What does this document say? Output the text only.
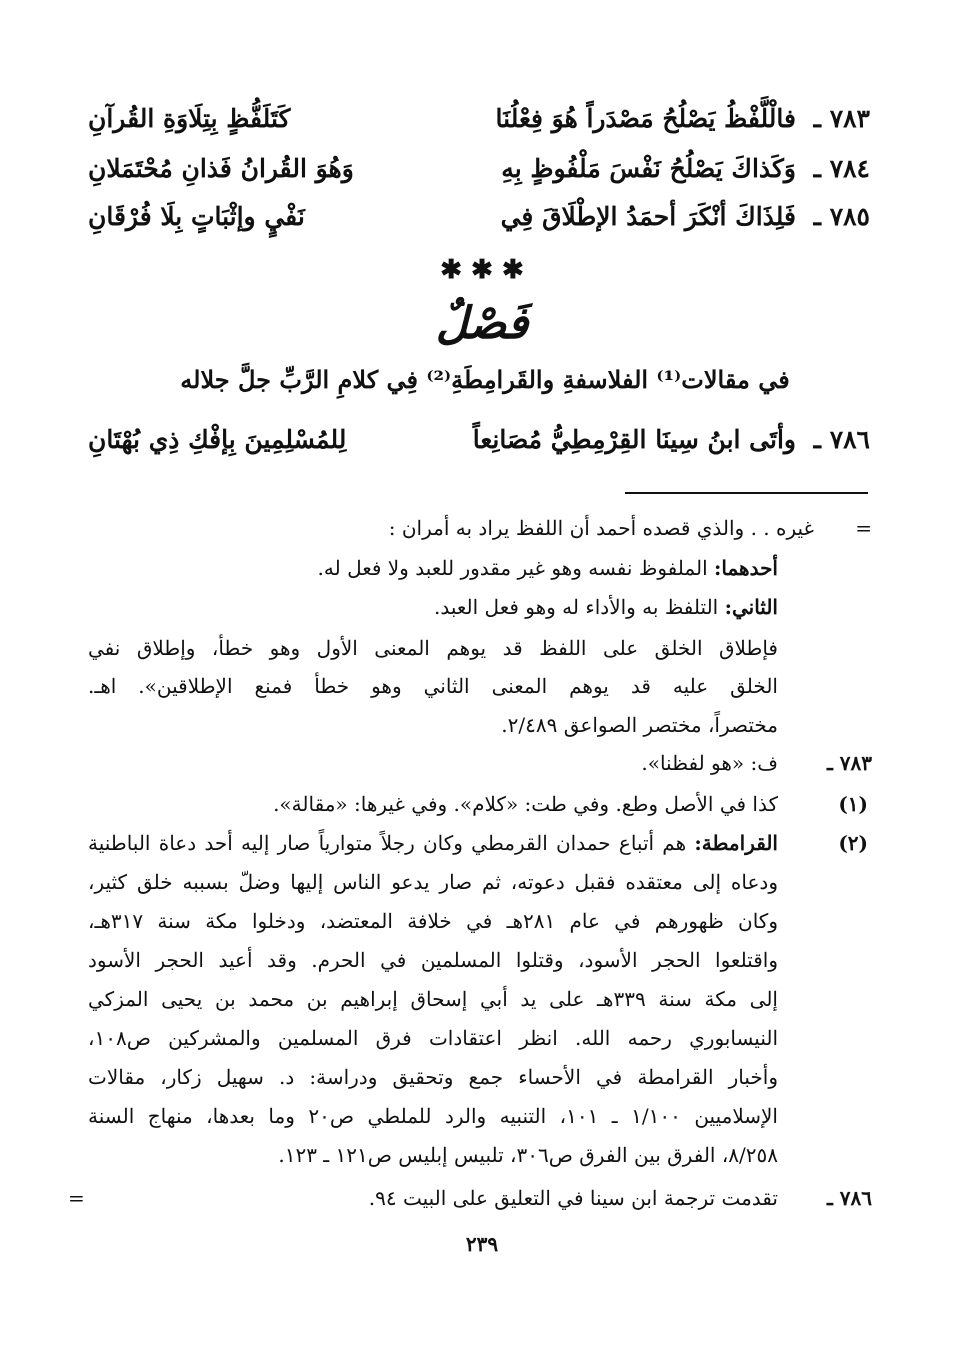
٧٨٣ ـ
فالْلَّفْظُ يَصْلُحُ مَصْدَراً هُوَ فِعْلُنَا
كَتَلَفُّظٍ بِتِلَاوَةِ القُرآنِ
٧٨٤ ـ
وَكَذاكَ يَصْلُحُ نَفْسَ مَلْفُوظٍ بِهِ
وَهُوَ القُرانُ فَذانِ مُحْتَمَلانِ
٧٨٥ ـ
فَلِذَاكَ أنْكَرَ أحمَدُ الإطْلَاقَ فِي
نَفْيٍ وإثْبَاتٍ بِلَا فُرْقَانِ
✱ ✱ ✱
فَصْلٌ
في مقالات⁽¹⁾ الفلاسفةِ والقَرامِطَةِ⁽²⁾ فِي كلامِ الرَّبِّ جلَّ جلاله
٧٨٦ ـ
وأتَى ابنُ سِينَا القِرْمِطِيُّ مُصَانِعاً
لِلمُسْلِمِينَ بِإفْكِ ذِي بُهْتَانِ
=
غيره . . والذي قصده أحمد أن اللفظ يراد به أمران :
أحدهما: الملفوظ نفسه وهو غير مقدور للعبد ولا فعل له.
الثاني: التلفظ به والأداء له وهو فعل العبد.
فإطلاق الخلق على اللفظ قد يوهم المعنى الأول وهو خطأ، وإطلاق نفي
الخلق عليه قد يوهم المعنى الثاني وهو خطأ فمنع الإطلاقين». اهـ.
مختصراً، مختصر الصواعق ٢/٤٨٩.
٧٨٣ ـ
ف: «هو لفظنا».
(١)
كذا في الأصل وطع. وفي طت: «كلام». وفي غيرها: «مقالة».
(٢)
القرامطة: هم أتباع حمدان القرمطي وكان رجلاً متوارياً صار إليه أحد دعاة الباطنية
ودعاه إلى معتقده فقبل دعوته، ثم صار يدعو الناس إليها وضلّ بسببه خلق كثير،
وكان ظهورهم في عام ٢٨١هـ في خلافة المعتضد، ودخلوا مكة سنة ٣١٧هـ،
واقتلعوا الحجر الأسود، وقتلوا المسلمين في الحرم. وقد أعيد الحجر الأسود
إلى مكة سنة ٣٣٩هـ على يد أبي إسحاق إبراهيم بن محمد بن يحيى المزكي
النيسابوري رحمه الله. انظر اعتقادات فرق المسلمين والمشركين ص١٠٨،
وأخبار القرامطة في الأحساء جمع وتحقيق ودراسة: د. سهيل زكار، مقالات
الإسلاميين ١/١٠٠ ـ ١٠١، التنبيه والرد للملطي ص٢٠ وما بعدها، منهاج السنة
٨/٢٥٨، الفرق بين الفرق ص٣٠٦، تلبيس إبليس ص١٢١ ـ ١٢٣.
٧٨٦ ـ
تقدمت ترجمة ابن سينا في التعليق على البيت ٩٤.
=
٢٣٩
